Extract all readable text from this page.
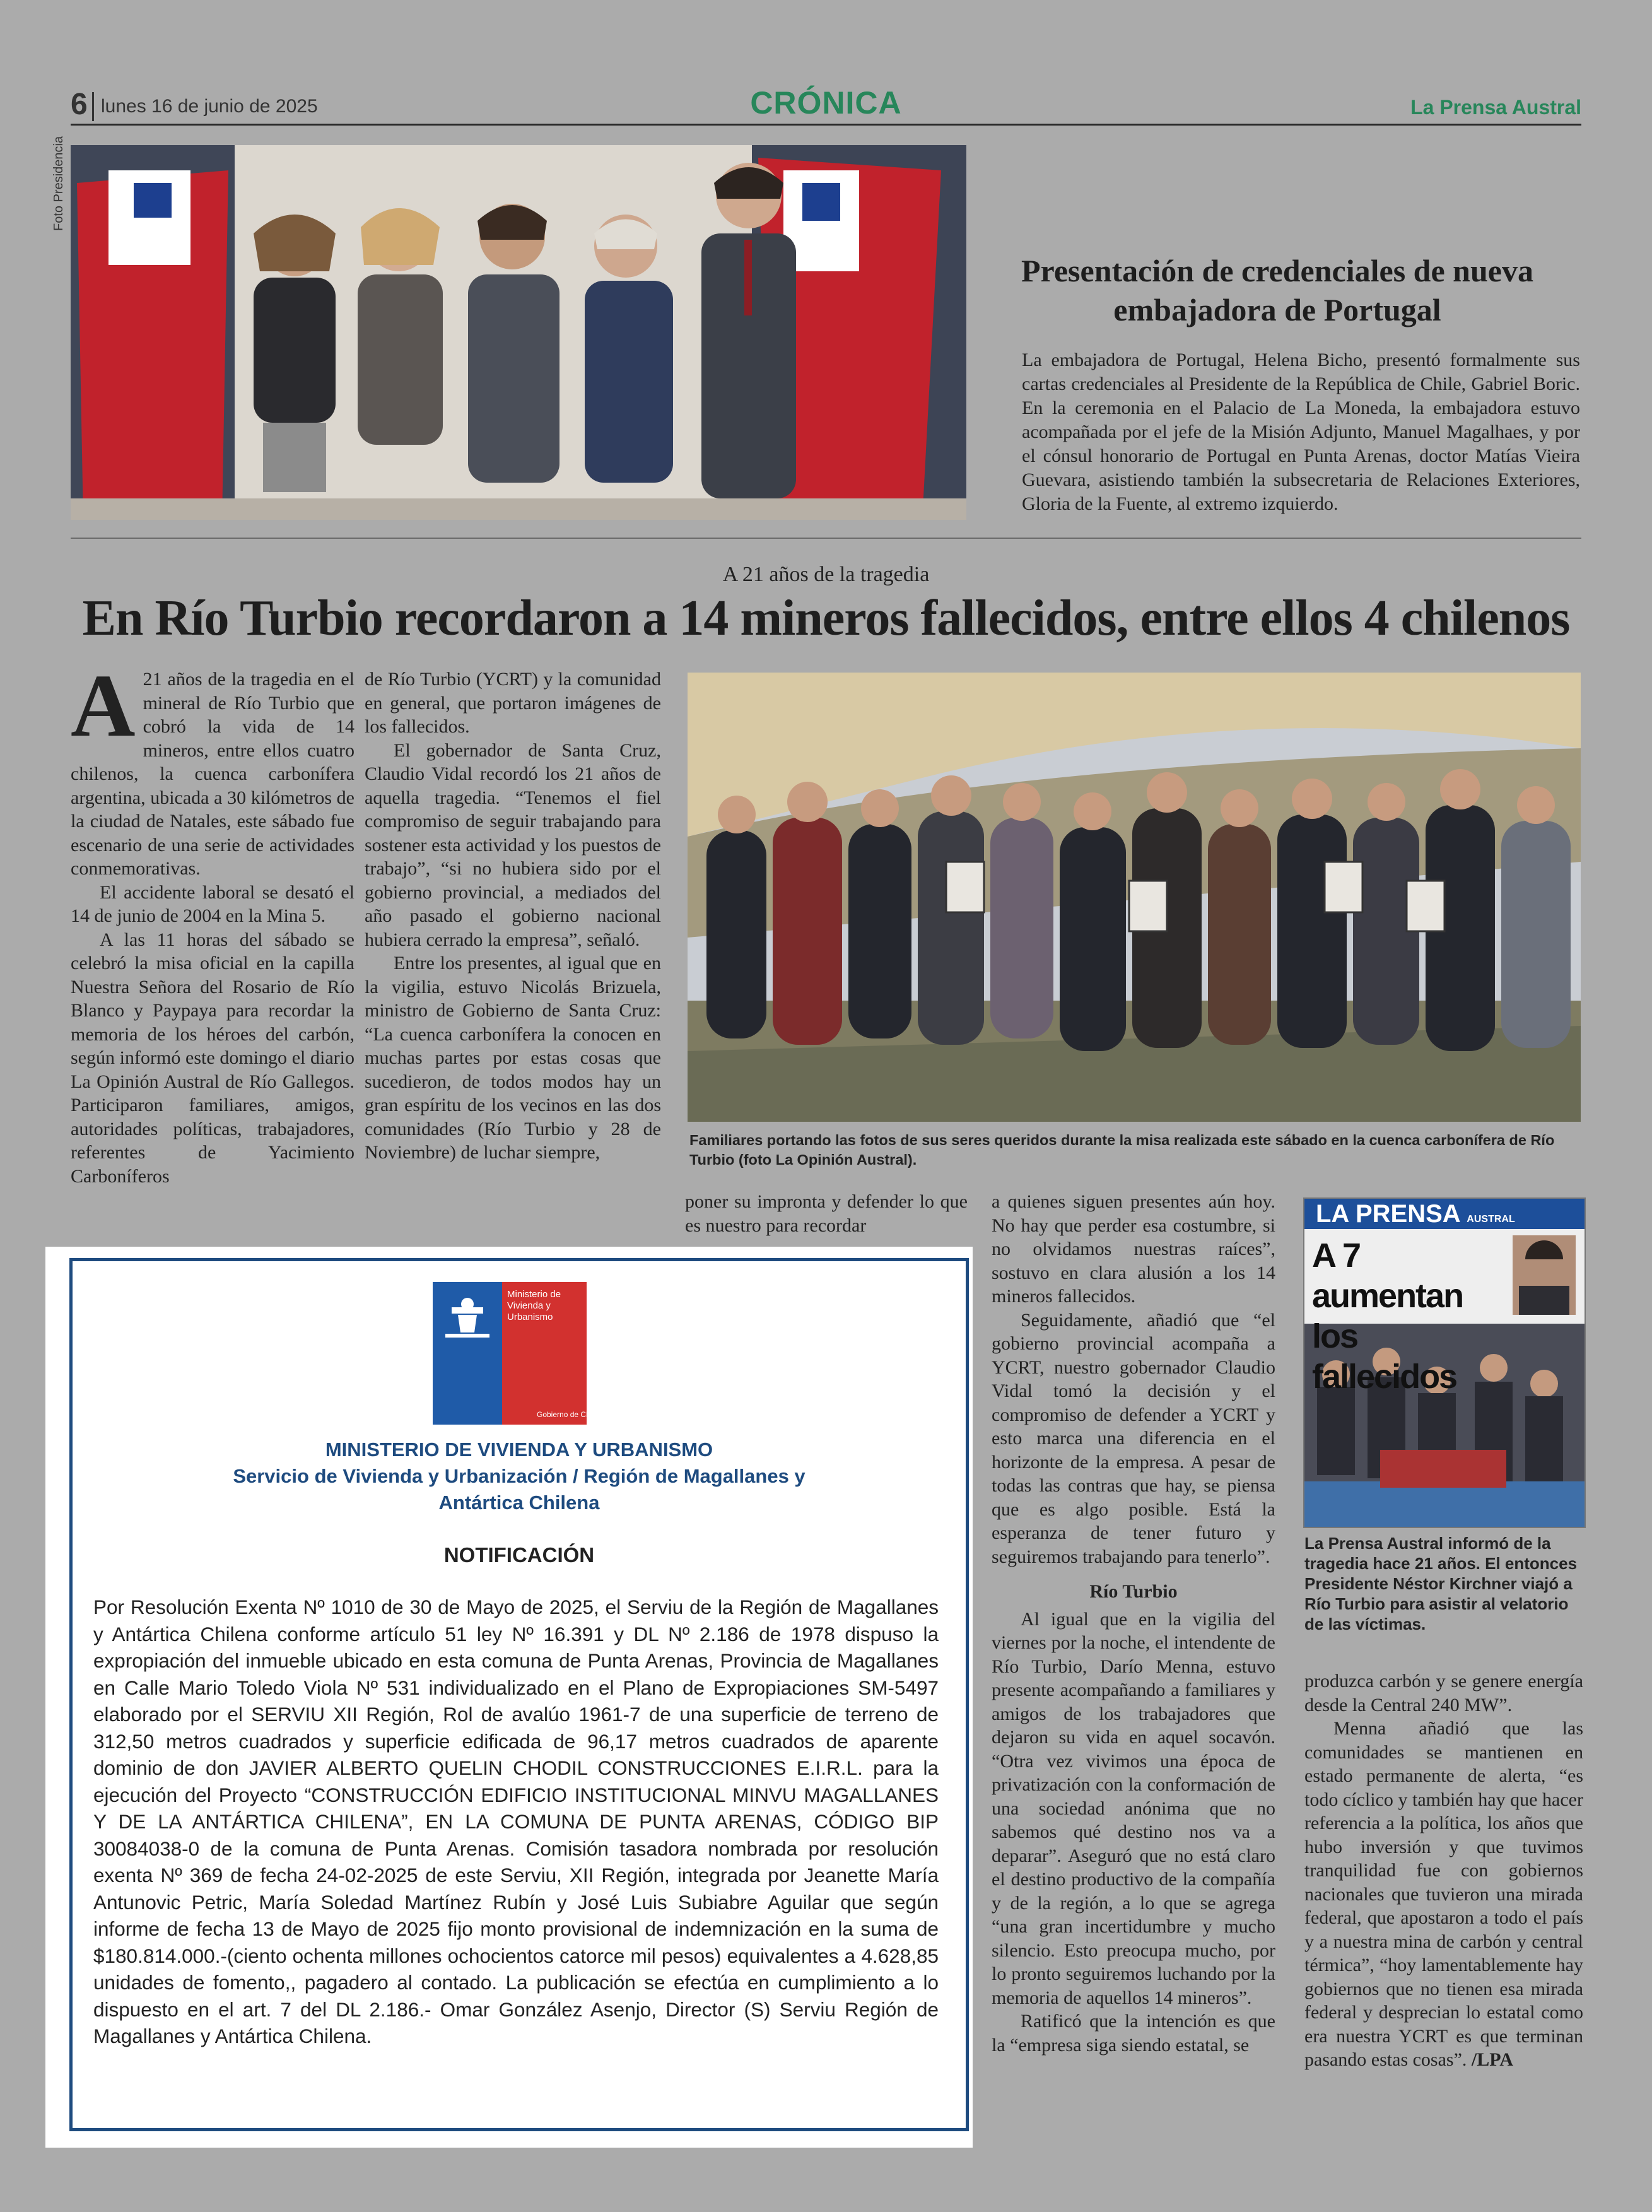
6 lunes 16 de junio de 2025	CRÓNICA	La Prensa Austral
Foto Presidencia
Presentación de credenciales de nueva embajadora de Portugal
La embajadora de Portugal, Helena Bicho, presentó formalmente sus cartas credenciales al Presidente de la República de Chile, Gabriel Boric. En la ceremonia en el Palacio de La Moneda, la embajadora estuvo acompañada por el jefe de la Misión Adjunto, Manuel Magalhaes, y por el cónsul honorario de Portugal en Punta Arenas, doctor Matías Vieira Guevara, asistiendo también la subsecretaria de Relaciones Exteriores, Gloria de la Fuente, al extremo izquierdo.
A 21 años de la tragedia
En Río Turbio recordaron a 14 mineros fallecidos, entre ellos 4 chilenos

A 21 años de la tragedia en el mineral de Río Turbio que cobró la vida de 14 mineros, entre ellos cuatro chilenos, la cuenca carbonífera argentina, ubicada a 30 kilómetros de la ciudad de Natales, este sábado fue escenario de una serie de actividades conmemorativas.

El accidente laboral se desató el 14 de junio de 2004 en la Mina 5.

A las 11 horas del sábado se celebró la misa oficial en la capilla Nuestra Señora del Rosario de Río Blanco y Paypaya para recordar la memoria de los héroes del carbón, según informó este domingo el diario La Opinión Austral de Río Gallegos. Participaron familiares, amigos, autoridades políticas, trabajadores, referentes de Yacimiento Carboníferos

de Río Turbio (YCRT) y la comunidad en general, que portaron imágenes de los fallecidos.

El gobernador de Santa Cruz, Claudio Vidal recordó los 21 años de aquella tragedia. “Tenemos el fiel compromiso de seguir trabajando para sostener esta actividad y los puestos de trabajo”, “si no hubiera sido por el gobierno provincial, a mediados del año pasado el gobierno nacional hubiera cerrado la empresa”, señaló.

Entre los presentes, al igual que en la vigilia, estuvo Nicolás Brizuela, ministro de Gobierno de Santa Cruz: “La cuenca carbonífera la conocen en muchas partes por estas cosas que sucedieron, de todos modos hay un gran espíritu de los vecinos en las dos comunidades (Río Turbio y 28 de Noviembre) de luchar siempre,

Familiares portando las fotos de sus seres queridos durante la misa realizada este sábado en la cuenca carbonífera de Río Turbio (foto La Opinión Austral).

poner su impronta y defender lo que es nuestro para recordar

a quienes siguen presentes aún hoy. No hay que perder esa costumbre, si no olvidamos nuestras raíces”, sostuvo en clara alusión a los 14 mineros fallecidos.

Seguidamente, añadió que “el gobierno provincial acompaña a YCRT, nuestro gobernador Claudio Vidal tomó la decisión y el compromiso de defender a YCRT y esto marca una diferencia en el horizonte de la empresa. A pesar de todas las contras que hay, se piensa que es algo posible. Está la esperanza de tener futuro y seguiremos trabajando para tenerlo”.

Río Turbio

Al igual que en la vigilia del viernes por la noche, el intendente de Río Turbio, Darío Menna, estuvo presente acompañando a familiares y amigos de los trabajadores que dejaron su vida en aquel socavón. “Otra vez vivimos una época de privatización con la conformación de una sociedad anónima que no sabemos qué destino nos va a deparar”. Aseguró que no está claro el destino productivo de la compañía y de la región, a lo que se agrega “una gran incertidumbre y mucho silencio. Esto preocupa mucho, por lo pronto seguiremos luchando por la memoria de aquellos 14 mineros”.

Ratificó que la intención es que la “empresa siga siendo estatal, se

produzca carbón y se genere energía desde la Central 240 MW”.

Menna añadió que las comunidades se mantienen en estado permanente de alerta, “es todo cíclico y también hay que hacer referencia a la política, los años que hubo inversión y que tuvimos tranquilidad fue con gobiernos nacionales que tuvieron una mirada federal, que apostaron a todo el país y a nuestra mina de carbón y central térmica”, “hoy lamentablemente hay gobiernos que no tienen esa mirada federal y desprecian lo estatal como era nuestra YCRT es que terminan pasando estas cosas”. /LPA

LA PRENSA AUSTRAL
A 7 aumentan los fallecidos
La Prensa Austral informó de la tragedia hace 21 años. El entonces Presidente Néstor Kirchner viajó a Río Turbio para asistir al velatorio de las víctimas.
Ministerio de Vivienda y Urbanismo
Gobierno de Chile
MINISTERIO DE VIVIENDA Y URBANISMO
Servicio de Vivienda y Urbanización / Región de Magallanes y Antártica Chilena
NOTIFICACIÓN
Por Resolución Exenta Nº 1010 de 30 de Mayo de 2025, el Serviu de la Región de Magallanes y Antártica Chilena conforme artículo 51 ley Nº 16.391 y DL Nº 2.186 de 1978 dispuso la expropiación del inmueble ubicado en esta comuna de Punta Arenas, Provincia de Magallanes en Calle Mario Toledo Viola Nº 531 individualizado en el Plano de Expropiaciones SM-5497 elaborado por el SERVIU XII Región, Rol de avalúo 1961-7 de una superficie de terreno de 312,50 metros cuadrados y superficie edificada de 96,17 metros cuadrados de aparente dominio de don JAVIER ALBERTO QUELIN CHODIL CONSTRUCCIONES E.I.R.L. para la ejecución del Proyecto “CONSTRUCCIÓN EDIFICIO INSTITUCIONAL MINVU MAGALLANES Y DE LA ANTÁRTICA CHILENA”, EN LA COMUNA DE PUNTA ARENAS, CÓDIGO BIP 30084038-0 de la comuna de Punta Arenas. Comisión tasadora nombrada por resolución exenta Nº 369 de fecha 24-02-2025 de este Serviu, XII Región, integrada por Jeanette María Antunovic Petric, María Soledad Martínez Rubín y José Luis Subiabre Aguilar que según informe de fecha 13 de Mayo de 2025 fijo monto provisional de indemnización en la suma de $180.814.000.-(ciento ochenta millones ochocientos catorce mil pesos) equivalentes a 4.628,85 unidades de fomento,, pagadero al contado. La publicación se efectúa en cumplimiento a lo dispuesto en el art. 7 del DL 2.186.- Omar González Asenjo, Director (S) Serviu Región de Magallanes y Antártica Chilena.
